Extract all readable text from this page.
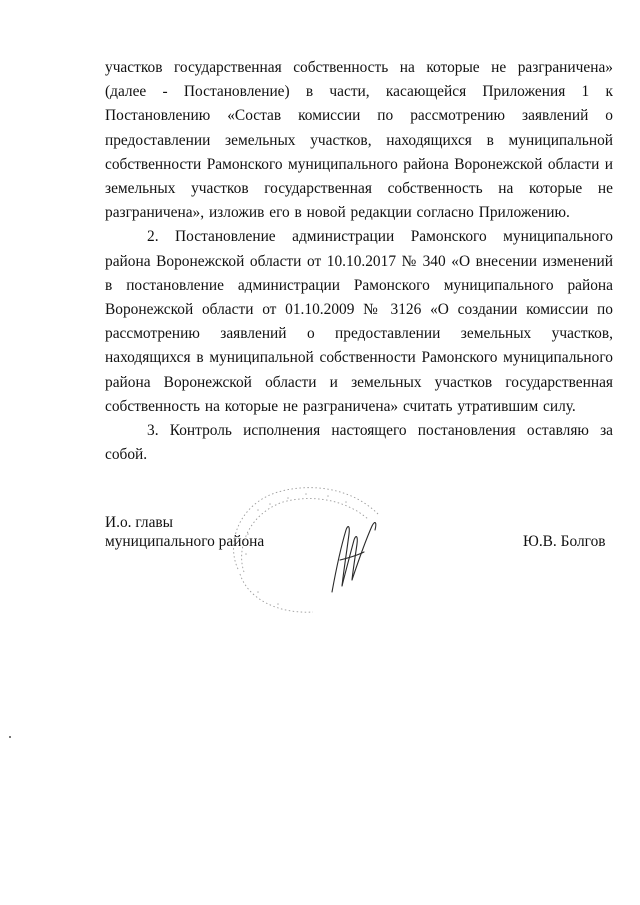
участков государственная собственность на которые не разграничена» (далее - Постановление) в части, касающейся Приложения 1 к Постановлению «Состав комиссии по рассмотрению заявлений о предоставлении земельных участков, находящихся в муниципальной собственности Рамонского муниципального района Воронежской области и земельных участков государственная собственность на которые не разграничена», изложив его в новой редакции согласно Приложению.

2. Постановление администрации Рамонского муниципального района Воронежской области от 10.10.2017 № 340 «О внесении изменений в постановление администрации Рамонского муниципального района Воронежской области от 01.10.2009 № 3126 «О создании комиссии по рассмотрению заявлений о предоставлении земельных участков, находящихся в муниципальной собственности Рамонского муниципального района Воронежской области и земельных участков государственная собственность на которые не разграничена» считать утратившим силу.

3. Контроль исполнения настоящего постановления оставляю за собой.

И.о. главы
муниципального района	Ю.В. Болгов
